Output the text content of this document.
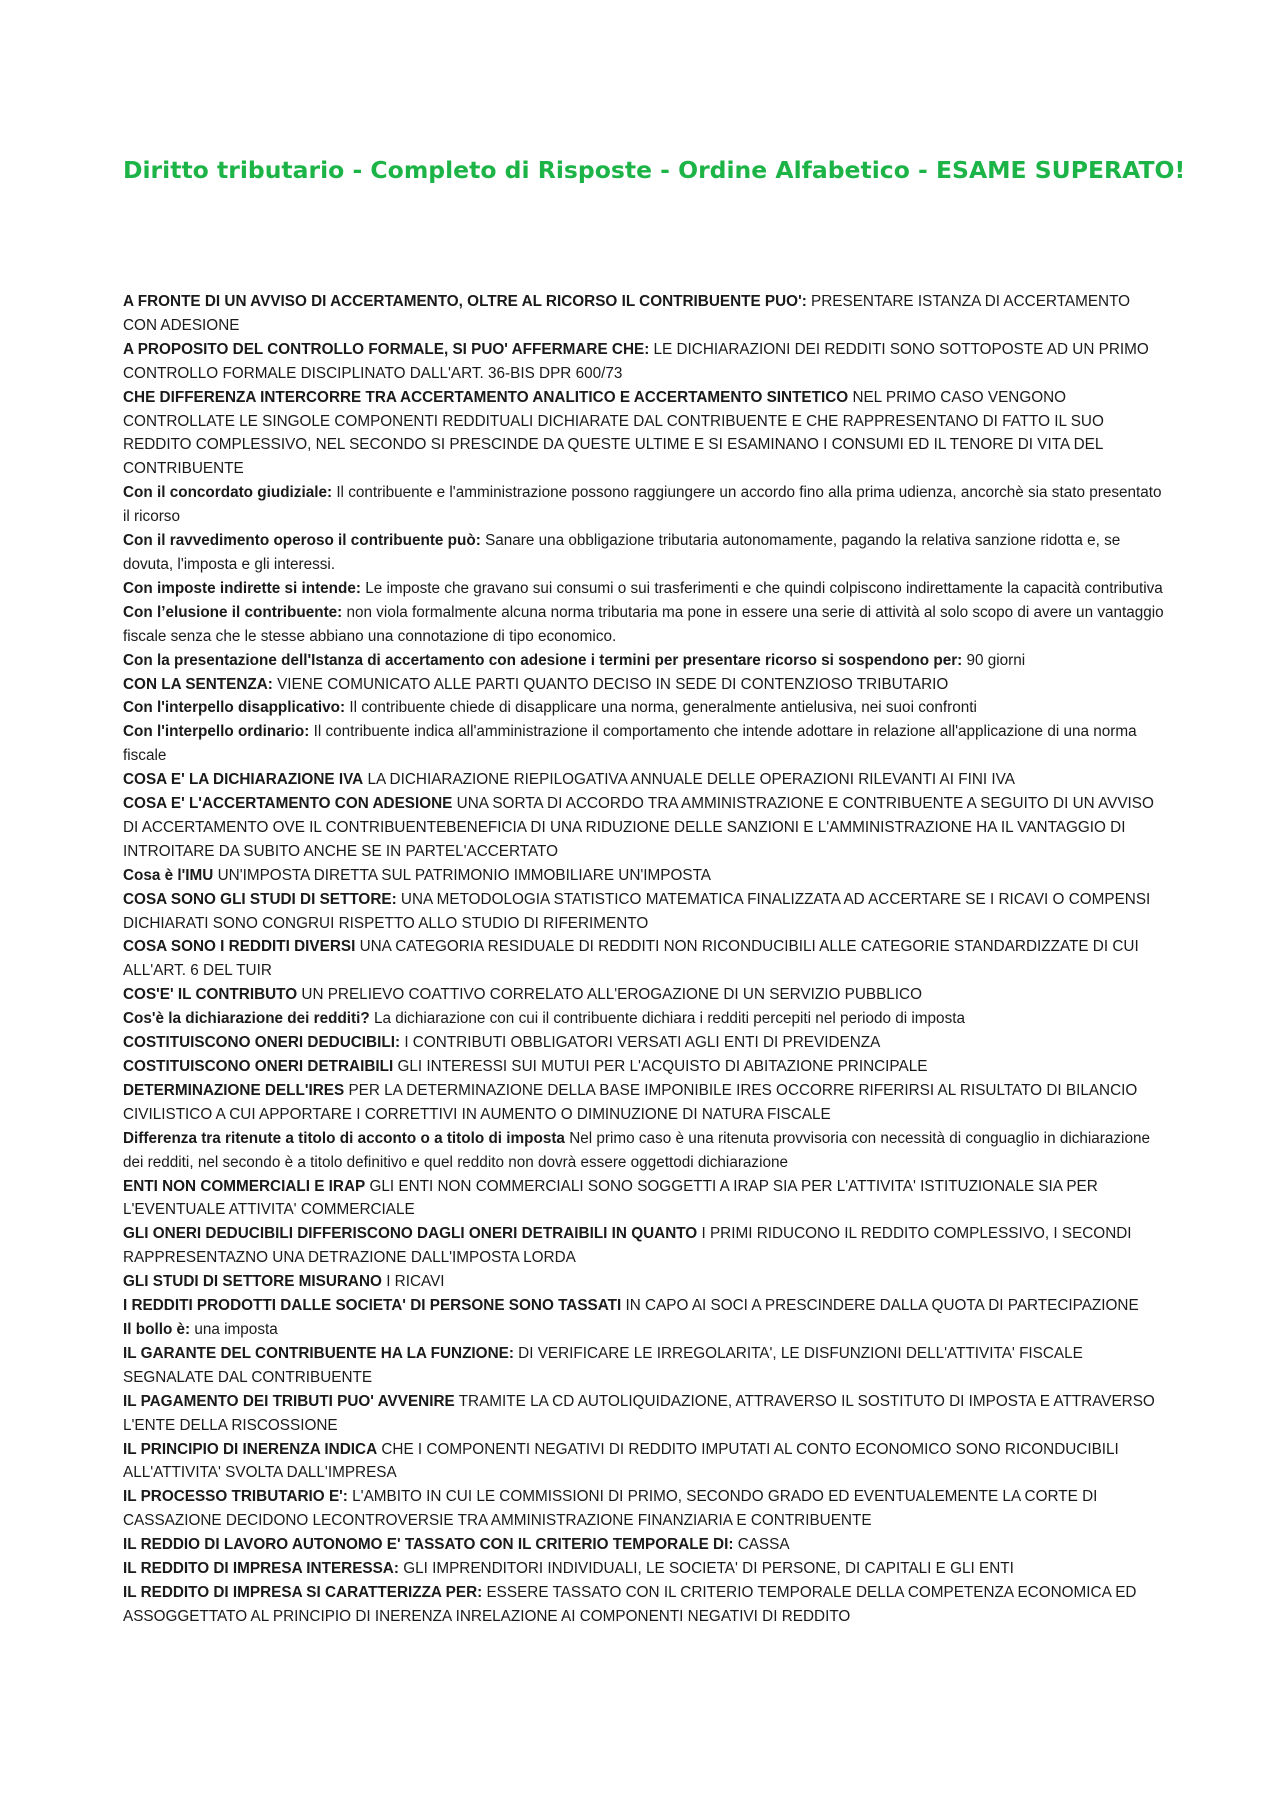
Diritto tributario - Completo di Risposte - Ordine Alfabetico - ESAME SUPERATO!
A FRONTE DI UN AVVISO DI ACCERTAMENTO, OLTRE AL RICORSO IL CONTRIBUENTE PUO': PRESENTARE ISTANZA DI ACCERTAMENTO CON ADESIONE
A PROPOSITO DEL CONTROLLO FORMALE, SI PUO' AFFERMARE CHE: LE DICHIARAZIONI DEI REDDITI SONO SOTTOPOSTE AD UN PRIMO CONTROLLO FORMALE DISCIPLINATO DALL'ART. 36-BIS DPR 600/73
CHE DIFFERENZA INTERCORRE TRA ACCERTAMENTO ANALITICO E ACCERTAMENTO SINTETICO NEL PRIMO CASO VENGONO CONTROLLATE LE SINGOLE COMPONENTI REDDITUALI DICHIARATE DAL CONTRIBUENTE E CHE RAPPRESENTANO DI FATTO IL SUO REDDITO COMPLESSIVO, NEL SECONDO SI PRESCINDE DA QUESTE ULTIME E SI ESAMINANO I CONSUMI ED IL TENORE DI VITA DEL CONTRIBUENTE
Con il concordato giudiziale: Il contribuente e l'amministrazione possono raggiungere un accordo fino alla prima udienza, ancorchè sia stato presentato il ricorso
Con il ravvedimento operoso il contribuente può: Sanare una obbligazione tributaria autonomamente, pagando la relativa sanzione ridotta e, se dovuta, l'imposta e gli interessi.
Con imposte indirette si intende: Le imposte che gravano sui consumi o sui trasferimenti e che quindi colpiscono indirettamente la capacità contributiva
Con l’elusione il contribuente: non viola formalmente alcuna norma tributaria ma pone in essere una serie di attività al solo scopo di avere un vantaggio fiscale senza che le stesse abbiano una connotazione di tipo economico.
Con la presentazione dell'Istanza di accertamento con adesione i termini per presentare ricorso si sospendono per: 90 giorni
CON LA SENTENZA: VIENE COMUNICATO ALLE PARTI QUANTO DECISO IN SEDE DI CONTENZIOSO TRIBUTARIO
Con l'interpello disapplicativo: Il contribuente chiede di disapplicare una norma, generalmente antielusiva, nei suoi confronti
Con l'interpello ordinario: Il contribuente indica all'amministrazione il comportamento che intende adottare in relazione all'applicazione di una norma fiscale
COSA E' LA DICHIARAZIONE IVA LA DICHIARAZIONE RIEPILOGATIVA ANNUALE DELLE OPERAZIONI RILEVANTI AI FINI IVA
COSA E' L'ACCERTAMENTO CON ADESIONE UNA SORTA DI ACCORDO TRA AMMINISTRAZIONE E CONTRIBUENTE A SEGUITO DI UN AVVISO DI ACCERTAMENTO OVE IL CONTRIBUENTEBENEFICIA DI UNA RIDUZIONE DELLE SANZIONI E L'AMMINISTRAZIONE HA IL VANTAGGIO DI INTROITARE DA SUBITO ANCHE SE IN PARTEL'ACCERTATO
Cosa è l'IMU UN'IMPOSTA DIRETTA SUL PATRIMONIO IMMOBILIARE UN'IMPOSTA
COSA SONO GLI STUDI DI SETTORE: UNA METODOLOGIA STATISTICO MATEMATICA FINALIZZATA AD ACCERTARE SE I RICAVI O COMPENSI DICHIARATI SONO CONGRUI RISPETTO ALLO STUDIO DI RIFERIMENTO
COSA SONO I REDDITI DIVERSI UNA CATEGORIA RESIDUALE DI REDDITI NON RICONDUCIBILI ALLE CATEGORIE STANDARDIZZATE DI CUI ALL'ART. 6 DEL TUIR
COS'E' IL CONTRIBUTO UN PRELIEVO COATTIVO CORRELATO ALL'EROGAZIONE DI UN SERVIZIO PUBBLICO
Cos'è la dichiarazione dei redditi? La dichiarazione con cui il contribuente dichiara i redditi percepiti nel periodo di imposta
COSTITUISCONO ONERI DEDUCIBILI: I CONTRIBUTI OBBLIGATORI VERSATI AGLI ENTI DI PREVIDENZA
COSTITUISCONO ONERI DETRAIBILI GLI INTERESSI SUI MUTUI PER L'ACQUISTO DI ABITAZIONE PRINCIPALE
DETERMINAZIONE DELL'IRES PER LA DETERMINAZIONE DELLA BASE IMPONIBILE IRES OCCORRE RIFERIRSI AL RISULTATO DI BILANCIO CIVILISTICO A CUI APPORTARE I CORRETTIVI IN AUMENTO O DIMINUZIONE DI NATURA FISCALE
Differenza tra ritenute a titolo di acconto o a titolo di imposta Nel primo caso è una ritenuta provvisoria con necessità di conguaglio in dichiarazione dei redditi, nel secondo è a titolo definitivo e quel reddito non dovrà essere oggettodi dichiarazione
ENTI NON COMMERCIALI E IRAP GLI ENTI NON COMMERCIALI SONO SOGGETTI A IRAP SIA PER L'ATTIVITA' ISTITUZIONALE SIA PER L'EVENTUALE ATTIVITA' COMMERCIALE
GLI ONERI DEDUCIBILI DIFFERISCONO DAGLI ONERI DETRAIBILI IN QUANTO I PRIMI RIDUCONO IL REDDITO COMPLESSIVO, I SECONDI RAPPRESENTAZNO UNA DETRAZIONE DALL'IMPOSTA LORDA
GLI STUDI DI SETTORE MISURANO I RICAVI
I REDDITI PRODOTTI DALLE SOCIETA' DI PERSONE SONO TASSATI IN CAPO AI SOCI A PRESCINDERE DALLA QUOTA DI PARTECIPAZIONE
Il bollo è: una imposta
IL GARANTE DEL CONTRIBUENTE HA LA FUNZIONE: DI VERIFICARE LE IRREGOLARITA', LE DISFUNZIONI DELL'ATTIVITA' FISCALE SEGNALATE DAL CONTRIBUENTE
IL PAGAMENTO DEI TRIBUTI PUO' AVVENIRE TRAMITE LA CD AUTOLIQUIDAZIONE, ATTRAVERSO IL SOSTITUTO DI IMPOSTA E ATTRAVERSO L'ENTE DELLA RISCOSSIONE
IL PRINCIPIO DI INERENZA INDICA CHE I COMPONENTI NEGATIVI DI REDDITO IMPUTATI AL CONTO ECONOMICO SONO RICONDUCIBILI ALL'ATTIVITA' SVOLTA DALL'IMPRESA
IL PROCESSO TRIBUTARIO E': L'AMBITO IN CUI LE COMMISSIONI DI PRIMO, SECONDO GRADO ED EVENTUALEMENTE LA CORTE DI CASSAZIONE DECIDONO LECONTROVERSIE TRA AMMINISTRAZIONE FINANZIARIA E CONTRIBUENTE
IL REDDIO DI LAVORO AUTONOMO E' TASSATO CON IL CRITERIO TEMPORALE DI: CASSA
IL REDDITO DI IMPRESA INTERESSA: GLI IMPRENDITORI INDIVIDUALI, LE SOCIETA' DI PERSONE, DI CAPITALI E GLI ENTI
IL REDDITO DI IMPRESA SI CARATTERIZZA PER: ESSERE TASSATO CON IL CRITERIO TEMPORALE DELLA COMPETENZA ECONOMICA ED ASSOGGETTATO AL PRINCIPIO DI INERENZA INRELAZIONE AI COMPONENTI NEGATIVI DI REDDITO
